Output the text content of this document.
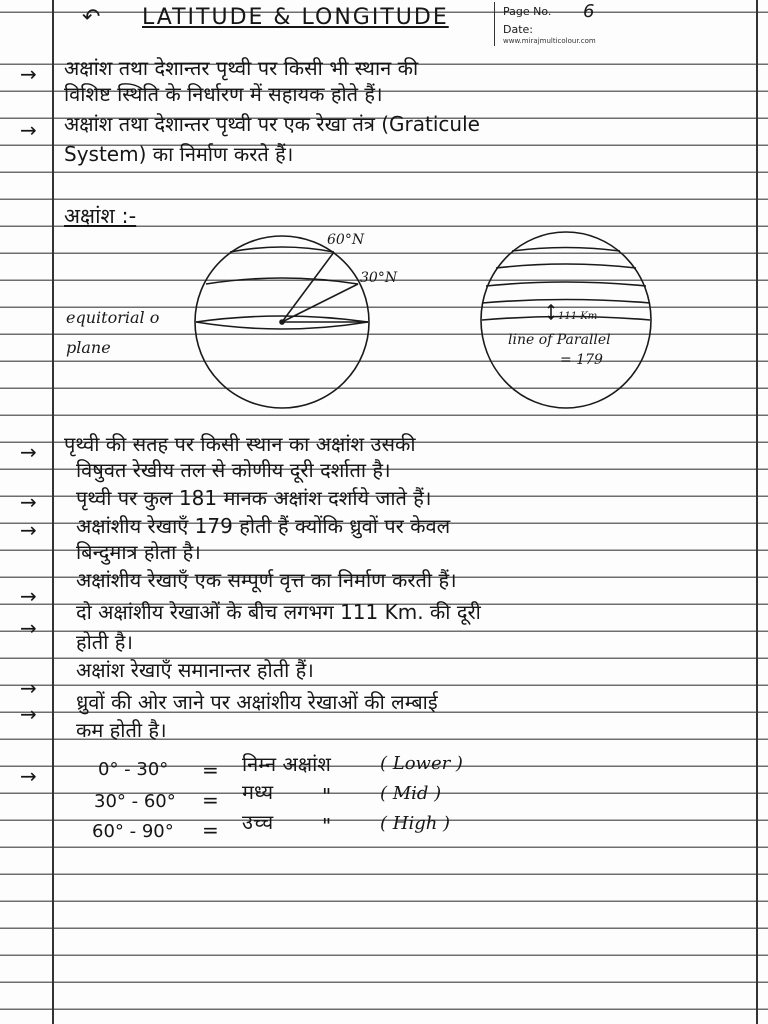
↶ LATITUDE & LONGITUDE	Page No. 6
Date:
www.mirajmulticolour.com
→ अक्षांश तथा देशान्तर पृथ्वी पर किसी भी स्थान की
विशिष्ट स्थिति के निर्धारण में सहायक होते हैं।
→ अक्षांश तथा देशान्तर पृथ्वी पर एक रेखा तंत्र (Graticule
System) का निर्माण करते हैं।
अक्षांश :-
60°N
30°N
equitorial o
plane
111 Km
line of Parallel
= 179
→ पृथ्वी की सतह पर किसी स्थान का अक्षांश उसकी
विषुवत रेखीय तल से कोणीय दूरी दर्शाता है।
→ पृथ्वी पर कुल 181 मानक अक्षांश दर्शाये जाते हैं।
→ अक्षांशीय रेखाएँ 179 होती हैं क्योंकि ध्रुवों पर केवल
बिन्दुमात्र होता है।
→
अक्षांशीय रेखाएँ एक सम्पूर्ण वृत्त का निर्माण करती हैं।
→
दो अक्षांशीय रेखाओं के बीच लगभग 111 Km. की दूरी
होती है।
→
अक्षांश रेखाएँ समानान्तर होती हैं।
→ ध्रुवों की ओर जाने पर अक्षांशीय रेखाओं की लम्बाई
कम होती है।
→	0° - 30° = निम्न अक्षांश	( Lower )
30° - 60° = मध्य "	( Mid )
60° - 90° = उच्च "	( High )
